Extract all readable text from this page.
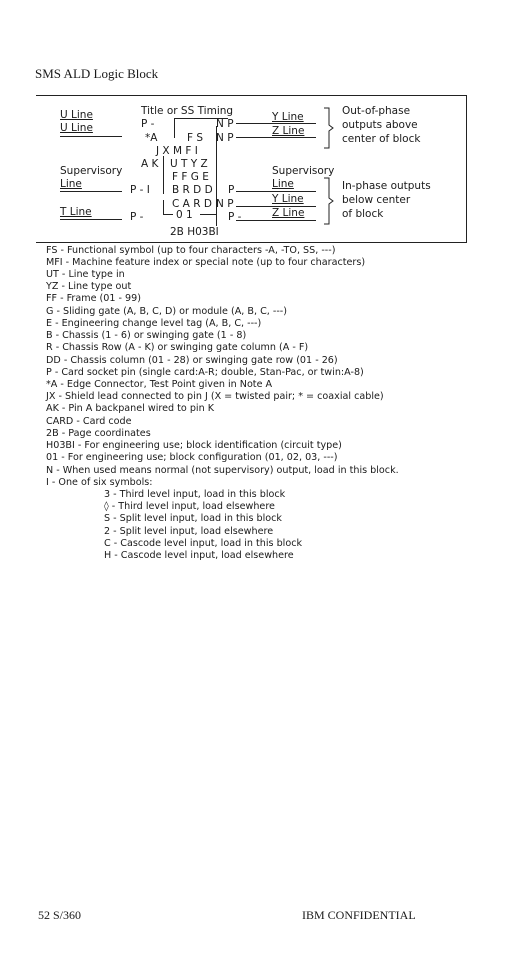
SMS ALD Logic Block
U Line
U Line
Title or SS Timing
P -	N P
*A	F S N P
J X M F I
Y Line
Z Line
Out-of-phase
outputs above
center of block
A K U T Y Z
Supervisory	F F G E
Line	P - I B R D D P
Supervisory
Line
Y Line
Z Line
In-phase outputs
below center
of block
C A R D N P
T Line	P -	0 1	P -
2B H03BI
FS - Functional symbol (up to four characters -A, -TO, SS, ---)
MFI - Machine feature index or special note (up to four characters)
UT - Line type in
YZ - Line type out
FF - Frame (01 - 99)
G - Sliding gate (A, B, C, D) or module (A, B, C, ---)
E - Engineering change level tag (A, B, C, ---)
B - Chassis (1 - 6) or swinging gate (1 - 8)
R - Chassis Row (A - K) or swinging gate column (A - F)
DD - Chassis column (01 - 28) or swinging gate row (01 - 26)
P - Card socket pin (single card:A-R; double, Stan-Pac, or twin:A-8)
*A - Edge Connector, Test Point given in Note A
JX - Shield lead connected to pin J (X = twisted pair; * = coaxial cable)
AK - Pin A backpanel wired to pin K
CARD - Card code
2B - Page coordinates
H03BI - For engineering use; block identification (circuit type)
01 - For engineering use; block configuration (01, 02, 03, ---)
N - When used means normal (not supervisory) output, load in this block.
I - One of six symbols:
3 - Third level input, load in this block
◊ - Third level input, load elsewhere
S - Split level input, load in this block
2 - Split level input, load elsewhere
C - Cascode level input, load in this block
H - Cascode level input, load elsewhere
52 S/360	IBM CONFIDENTIAL
